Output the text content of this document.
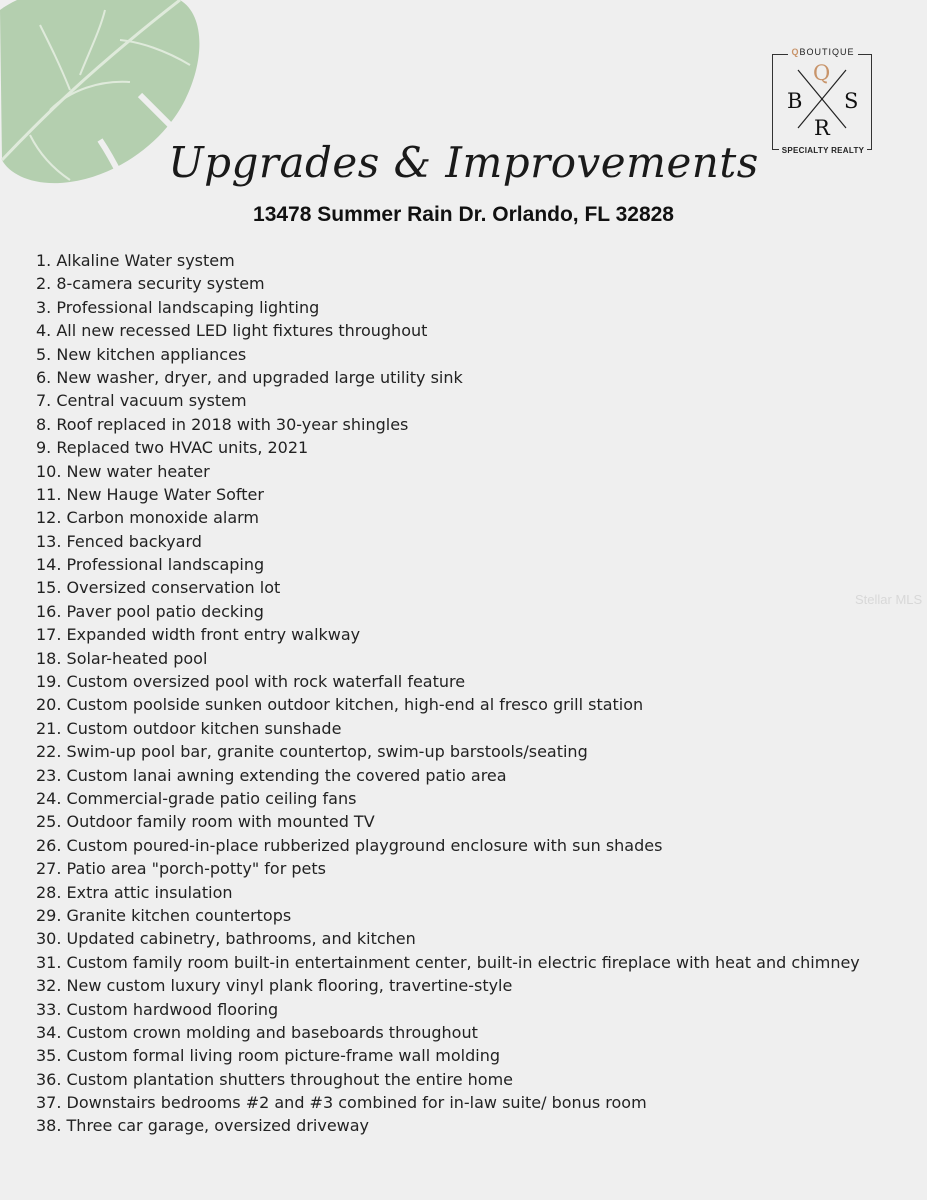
QBOUTIQUE
Q
B S
R
SPECIALTY REALTY
Upgrades & Improvements
13478 Summer Rain Dr. Orlando, FL 32828
1. Alkaline Water system
2. 8-camera security system
3. Professional landscaping lighting
4. All new recessed LED light fixtures throughout
5. New kitchen appliances
6. New washer, dryer, and upgraded large utility sink
7. Central vacuum system
8. Roof replaced in 2018 with 30-year shingles
9. Replaced two HVAC units, 2021
10. New water heater
11. New Hauge Water Softer
12. Carbon monoxide alarm
13. Fenced backyard
14. Professional landscaping
15. Oversized conservation lot
16. Paver pool patio decking
17. Expanded width front entry walkway
18. Solar-heated pool
19. Custom oversized pool with rock waterfall feature
20. Custom poolside sunken outdoor kitchen, high-end al fresco grill station
21. Custom outdoor kitchen sunshade
22. Swim-up pool bar, granite countertop, swim-up barstools/seating
23. Custom lanai awning extending the covered patio area
24. Commercial-grade patio ceiling fans
25. Outdoor family room with mounted TV
26. Custom poured-in-place rubberized playground enclosure with sun shades
27. Patio area "porch-potty" for pets
28. Extra attic insulation
29. Granite kitchen countertops
30. Updated cabinetry, bathrooms, and kitchen
31. Custom family room built-in entertainment center, built-in electric fireplace with heat and chimney
32. New custom luxury vinyl plank flooring, travertine-style
33. Custom hardwood flooring
34. Custom crown molding and baseboards throughout
35. Custom formal living room picture-frame wall molding
36. Custom plantation shutters throughout the entire home
37. Downstairs bedrooms #2 and #3 combined for in-law suite/ bonus room
38. Three car garage, oversized driveway
Stellar MLS
